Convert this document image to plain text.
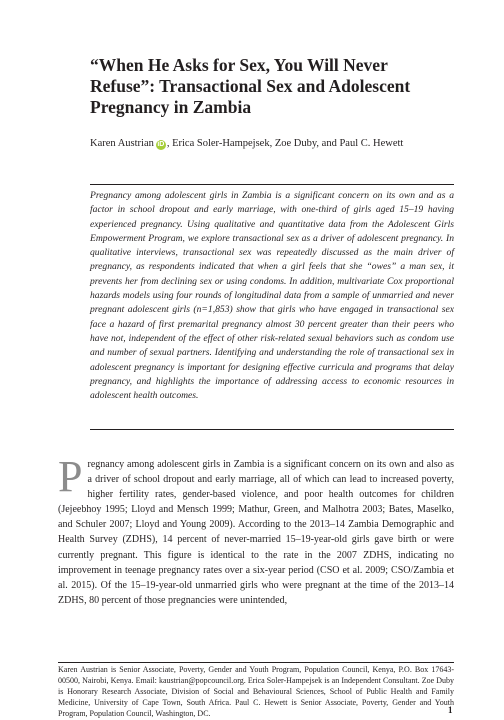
“When He Asks for Sex, You Will Never Refuse”: Transactional Sex and Adolescent Pregnancy in Zambia
Karen Austrian iD , Erica Soler-Hampejsek, Zoe Duby, and Paul C. Hewett

Pregnancy among adolescent girls in Zambia is a significant concern on its own and as a factor in school dropout and early marriage, with one-third of girls aged 15–19 having experienced pregnancy. Using qualitative and quantitative data from the Adolescent Girls Empowerment Program, we explore transactional sex as a driver of adolescent pregnancy. In qualitative interviews, transactional sex was repeatedly discussed as the main driver of pregnancy, as respondents indicated that when a girl feels that she “owes” a man sex, it prevents her from declining sex or using condoms. In addition, multivariate Cox proportional hazards models using four rounds of longitudinal data from a sample of unmarried and never pregnant adolescent girls (n=1,853) show that girls who have engaged in transactional sex face a hazard of first premarital pregnancy almost 30 percent greater than their peers who have not, independent of the effect of other risk-related sexual behaviors such as condom use and number of sexual partners. Identifying and understanding the role of transactional sex in adolescent pregnancy is important for designing effective curricula and programs that delay pregnancy, and highlights the importance of addressing access to economic resources in adolescent health outcomes.

Pregnancy among adolescent girls in Zambia is a significant concern on its own and also as a driver of school dropout and early marriage, all of which can lead to increased poverty, higher fertility rates, gender-based violence, and poor health outcomes for children (Jejeebhoy 1995; Lloyd and Mensch 1999; Mathur, Green, and Malhotra 2003; Bates, Maselko, and Schuler 2007; Lloyd and Young 2009). According to the 2013–14 Zambia Demographic and Health Survey (ZDHS), 14 percent of never-married 15–19-year-old girls gave birth or were currently pregnant. This figure is identical to the rate in the 2007 ZDHS, indicating no improvement in teenage pregnancy rates over a six-year period (CSO et al. 2009; CSO/Zambia et al. 2015). Of the 15–19-year-old unmarried girls who were pregnant at the time of the 2013–14 ZDHS, 80 percent of those pregnancies were unintended,

Karen Austrian is Senior Associate, Poverty, Gender and Youth Program, Population Council, Kenya, P.O. Box 17643-00500, Nairobi, Kenya. Email: kaustrian@popcouncil.org. Erica Soler-Hampejsek is an Independent Consultant. Zoe Duby is Honorary Research Associate, Division of Social and Behavioural Sciences, School of Public Health and Family Medicine, University of Cape Town, South Africa. Paul C. Hewett is Senior Associate, Poverty, Gender and Youth Program, Population Council, Washington, DC.	1
